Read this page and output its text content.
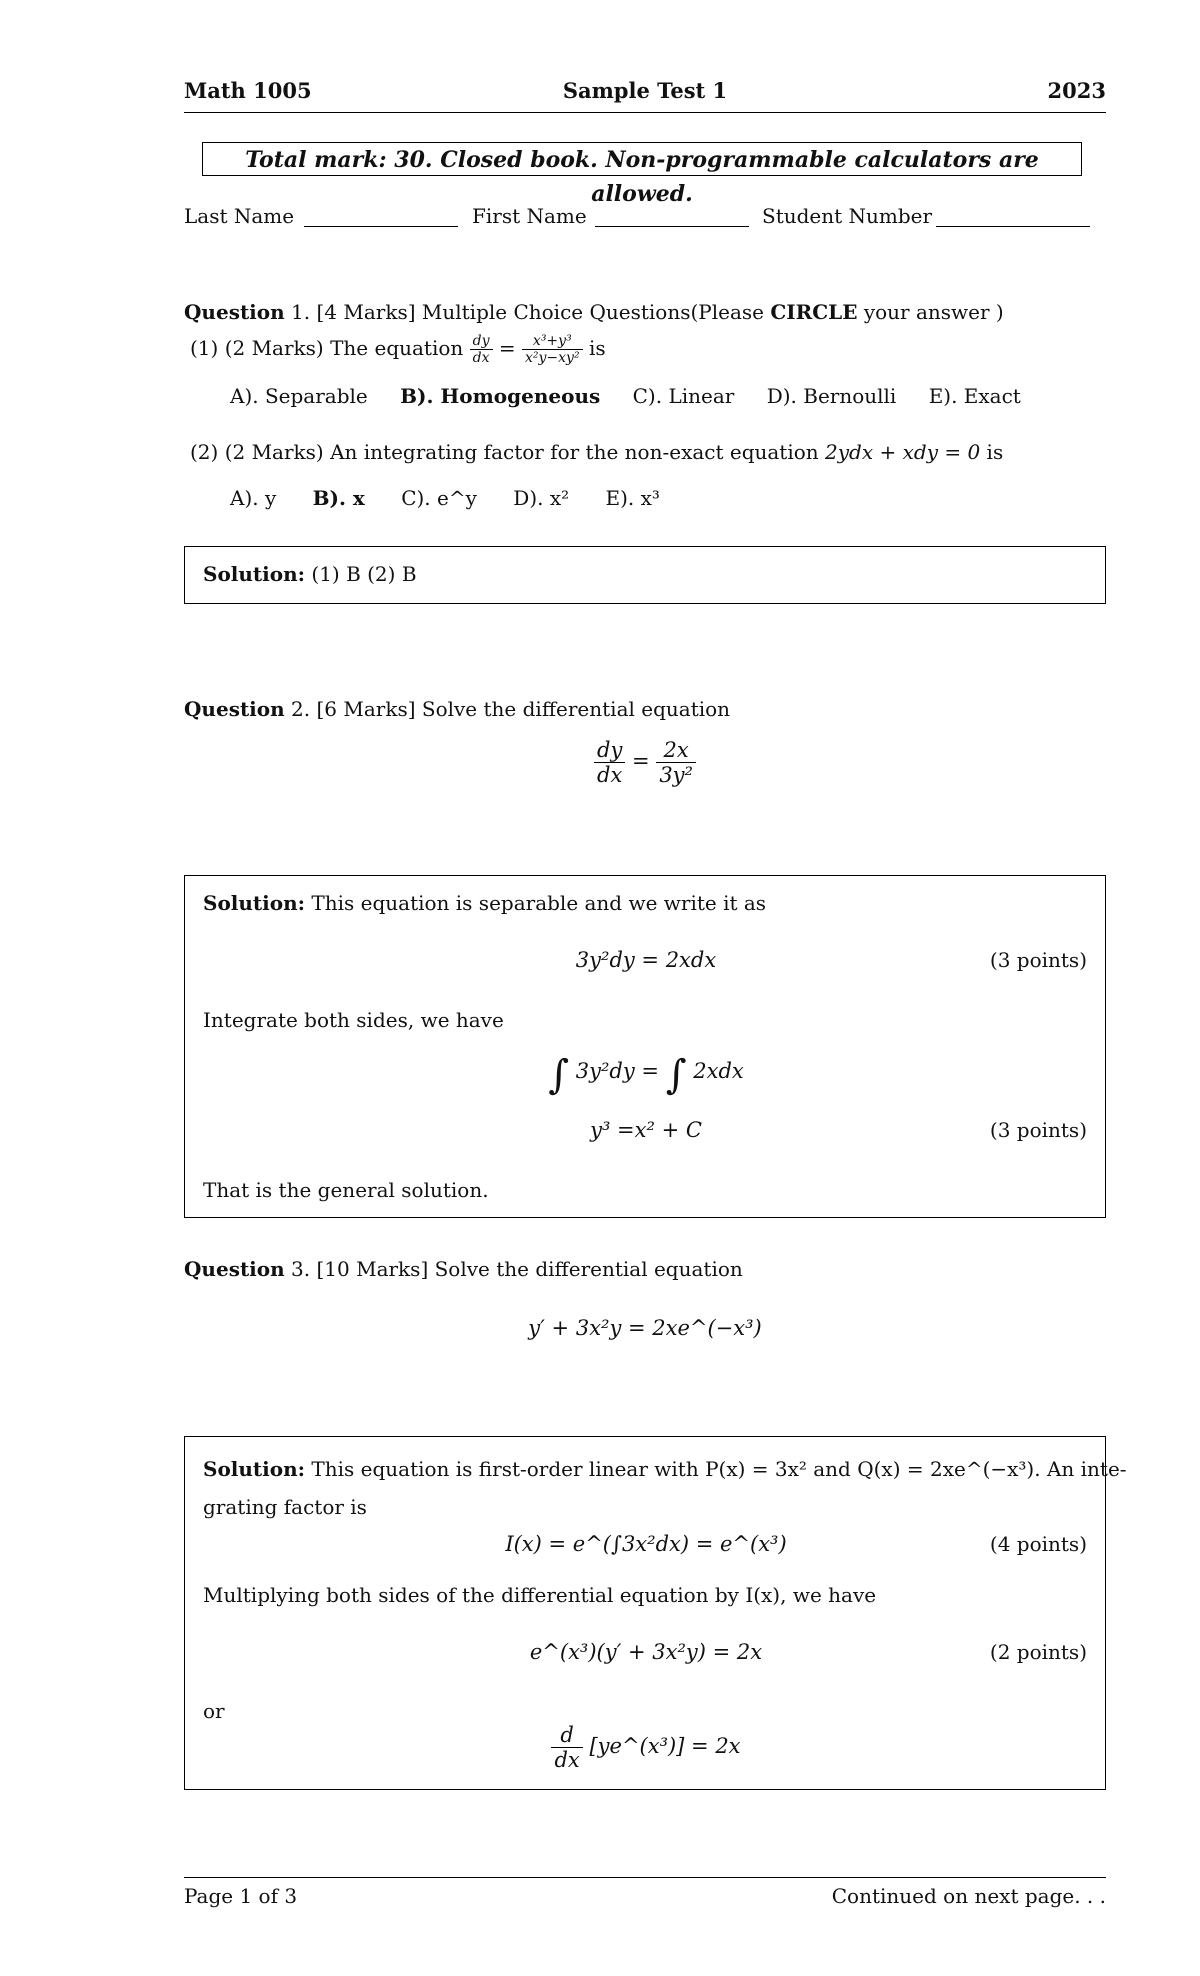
Math 1005	Sample Test 1	2023
Total mark: 30. Closed book. Non-programmable calculators are allowed.
Last Name	First Name	Student Number
Question 1. [4 Marks] Multiple Choice Questions(Please CIRCLE your answer )
(1) (2 Marks) The equation $\frac{dy}{dx} = \frac{\text{x³+y³}}{\text{x²y−xy²}}$ is
A). Separable B). Homogeneous C). Linear D). Bernoulli E). Exact
(2) (2 Marks) An integrating factor for the non-exact equation 2ydx + xdy = 0 is
A). y B). x C). e^y D). x² E). x³
Solution: (1) B (2) B
Question 2. [6 Marks] Solve the differential equation
$\frac{dy}{dx} = \frac{2x}{\text{3y²}}$
Solution: This equation is separable and we write it as
3y²dy = 2xdx	(3 points)
Integrate both sides, we have
∫ 3y²dy = ∫ 2xdx
y³ =x² + C	(3 points)
That is the general solution.
Question 3. [10 Marks] Solve the differential equation
y′ + 3x²y = 2xe^(−x³)
Solution: This equation is first-order linear with P(x) = 3x² and Q(x) = 2xe^(−x³). An inte-
grating factor is
I(x) = e^(∫3x²dx) = e^(x³)	(4 points)
Multiplying both sides of the differential equation by I(x), we have
e^(x³)(y′ + 3x²y) = 2x	(2 points)
or
$\frac{d}{dx}$ [ye^(x³)] = 2x
Page 1 of 3	Continued on next page. . .
